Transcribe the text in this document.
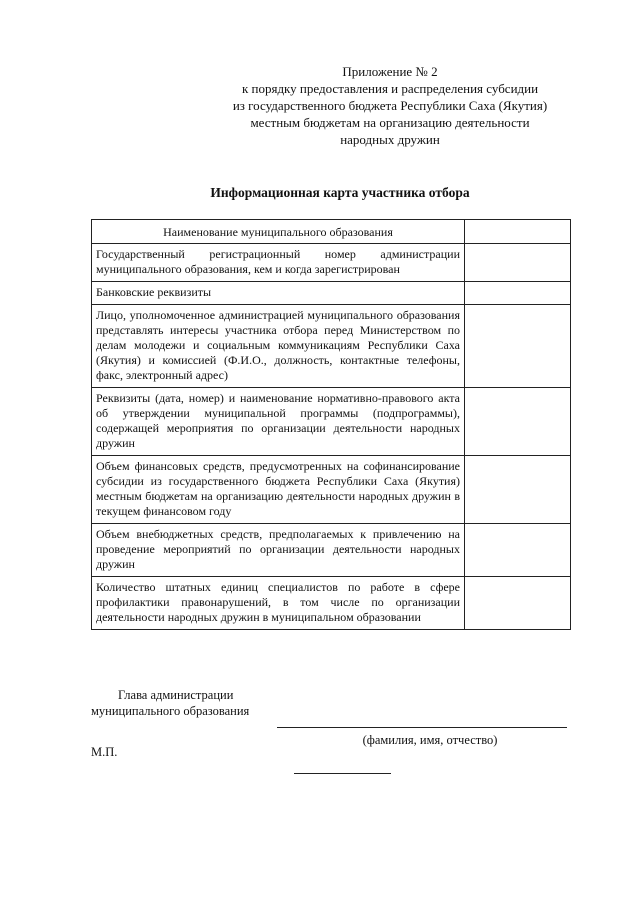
Приложение № 2
к порядку предоставления и распределения субсидии
из государственного бюджета Республики Саха (Якутия)
местным бюджетам на организацию деятельности
народных дружин
Информационная карта участника отбора
Наименование муниципального образования	
Государственный регистрационный номер администрации муниципального образования, кем и когда зарегистрирован	
Банковские реквизиты	
Лицо, уполномоченное администрацией муниципального образования представлять интересы участника отбора перед Министерством по делам молодежи и социальным коммуникациям Республики Саха (Якутия) и комиссией (Ф.И.О., должность, контактные телефоны, факс, электронный адрес)	
Реквизиты (дата, номер) и наименование нормативно-правового акта об утверждении муниципальной программы (подпрограммы), содержащей мероприятия по организации деятельности народных дружин	
Объем финансовых средств, предусмотренных на софинансирование субсидии из государственного бюджета Республики Саха (Якутия) местным бюджетам на организацию деятельности народных дружин в текущем финансовом году	
Объем внебюджетных средств, предполагаемых к привлечению на проведение мероприятий по организации деятельности народных дружин	
Количество штатных единиц специалистов по работе в сфере профилактики правонарушений, в том числе по организации деятельности народных дружин в муниципальном образовании	
Глава администрации
муниципального образования
(фамилия, имя, отчество)
М.П.
